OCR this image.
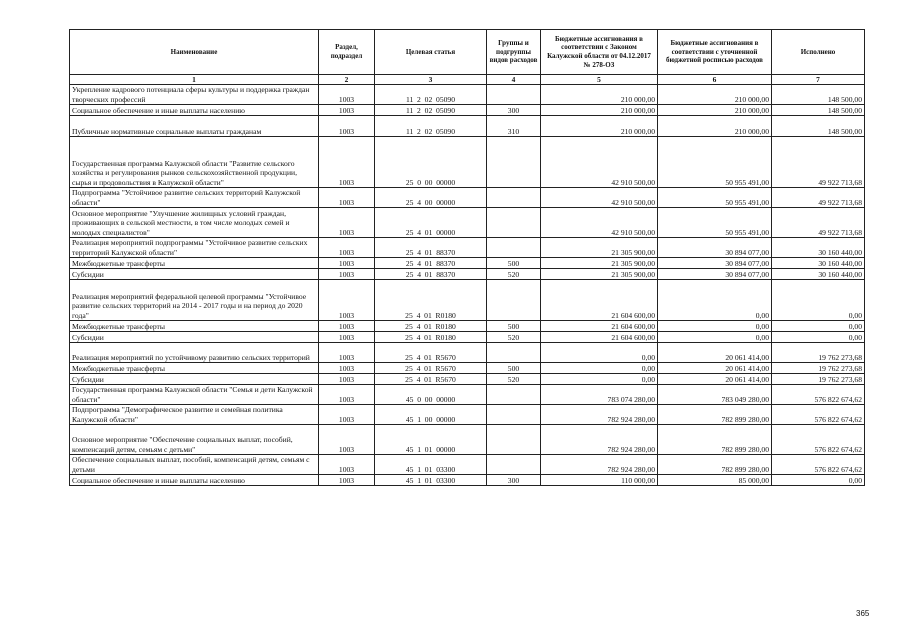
Наименование	Раздел, подраздел	Целевая статья	Группы и подгруппы видов расходов	Бюджетные ассигнования в соответствии с Законом Калужской области от 04.12.2017 № 278-ОЗ	Бюджетные ассигнования в соответствии с уточненной бюджетной росписью расходов	Исполнено
1	2	3	4	5	6	7
Укрепление кадрового потенциала сферы культуры и поддержка граждан творческих профессий	1003	11  2  02  05090		210 000,00	210 000,00	148 500,00
Социальное обеспечение и иные выплаты населению	1003	11  2  02  05090	300	210 000,00	210 000,00	148 500,00
Публичные нормативные социальные выплаты гражданам	1003	11  2  02  05090	310	210 000,00	210 000,00	148 500,00
Государственная программа Калужской области "Развитие сельского хозяйства и регулирования рынков сельскохозяйственной продукции, сырья и продовольствия в Калужской области"	1003	25  0  00  00000		42 910 500,00	50 955 491,00	49 922 713,68
Подпрограмма "Устойчивое развитие сельских территорий Калужской области"	1003	25  4  00  00000		42 910 500,00	50 955 491,00	49 922 713,68
Основное мероприятие "Улучшение жилищных условий граждан, проживающих в сельской местности, в том числе молодых семей и молодых специалистов"	1003	25  4  01  00000		42 910 500,00	50 955 491,00	49 922 713,68
Реализация мероприятий подпрограммы "Устойчивое развитие сельских территорий Калужской области"	1003	25  4  01  88370		21 305 900,00	30 894 077,00	30 160 440,00
Межбюджетные трансферты	1003	25  4  01  88370	500	21 305 900,00	30 894 077,00	30 160 440,00
Субсидии	1003	25  4  01  88370	520	21 305 900,00	30 894 077,00	30 160 440,00
Реализация мероприятий федеральной целевой программы "Устойчивое развитие сельских территорий на 2014 - 2017 годы и на период до 2020 года"	1003	25  4  01  R0180		21 604 600,00	0,00	0,00
Межбюджетные трансферты	1003	25  4  01  R0180	500	21 604 600,00	0,00	0,00
Субсидии	1003	25  4  01  R0180	520	21 604 600,00	0,00	0,00
Реализация мероприятий по устойчивому развитию сельских территорий	1003	25  4  01  R5670		0,00	20 061 414,00	19 762 273,68
Межбюджетные трансферты	1003	25  4  01  R5670	500	0,00	20 061 414,00	19 762 273,68
Субсидии	1003	25  4  01  R5670	520	0,00	20 061 414,00	19 762 273,68
Государственная программа Калужской области "Семья и дети Калужской области"	1003	45  0  00  00000		783 074 280,00	783 049 280,00	576 822 674,62
Подпрограмма "Демографическое развитие и семейная политика Калужской области"	1003	45  1  00  00000		782 924 280,00	782 899 280,00	576 822 674,62
Основное мероприятие "Обеспечение социальных выплат, пособий, компенсаций детям, семьям с детьми"	1003	45  1  01  00000		782 924 280,00	782 899 280,00	576 822 674,62
Обеспечение социальных выплат, пособий, компенсаций детям, семьям с детьми	1003	45  1  01  03300		782 924 280,00	782 899 280,00	576 822 674,62
Социальное обеспечение и иные выплаты населению	1003	45  1  01  03300	300	110 000,00	85 000,00	0,00
365
